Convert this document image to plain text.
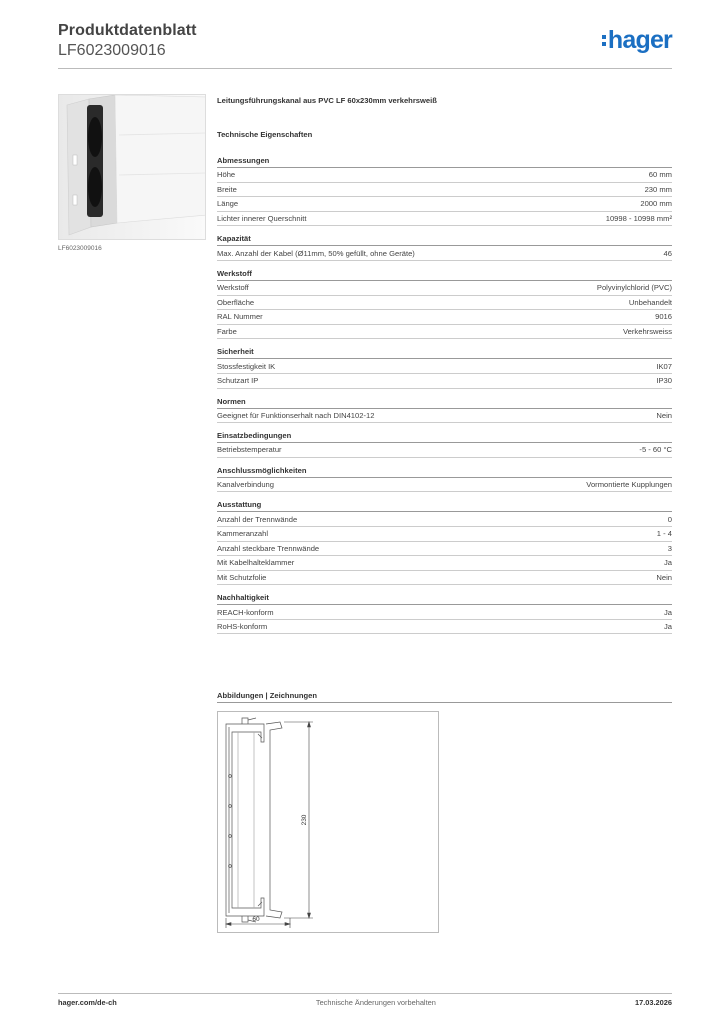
Produktdatenblatt
LF6023009016	hager
LF6023009016
Leitungsführungskanal aus PVC LF 60x230mm verkehrsweiß
Technische Eigenschaften
Abmessungen
Höhe	60 mm
Breite	230 mm
Länge	2000 mm
Lichter innerer Querschnitt	10998 - 10998 mm²
Kapazität
Max. Anzahl der Kabel (Ø11mm, 50% gefüllt, ohne Geräte)	46
Werkstoff
Werkstoff	Polyvinylchlorid (PVC)
Oberfläche	Unbehandelt
RAL Nummer	9016
Farbe	Verkehrsweiss
Sicherheit
Stossfestigkeit IK	IK07
Schutzart IP	IP30
Normen
Geeignet für Funktionserhalt nach DIN4102-12	Nein
Einsatzbedingungen
Betriebstemperatur	-5 - 60 °C
Anschlussmöglichkeiten
Kanalverbindung	Vormontierte Kupplungen
Ausstattung
Anzahl der Trennwände	0
Kammeranzahl	1 - 4
Anzahl steckbare Trennwände	3
Mit Kabelhalteklammer	Ja
Mit Schutzfolie	Nein
Nachhaltigkeit
REACH-konform	Ja
RoHS-konform	Ja
Abbildungen | Zeichnungen
230
60
hager.com/de-ch	Technische Änderungen vorbehalten	17.03.2026
